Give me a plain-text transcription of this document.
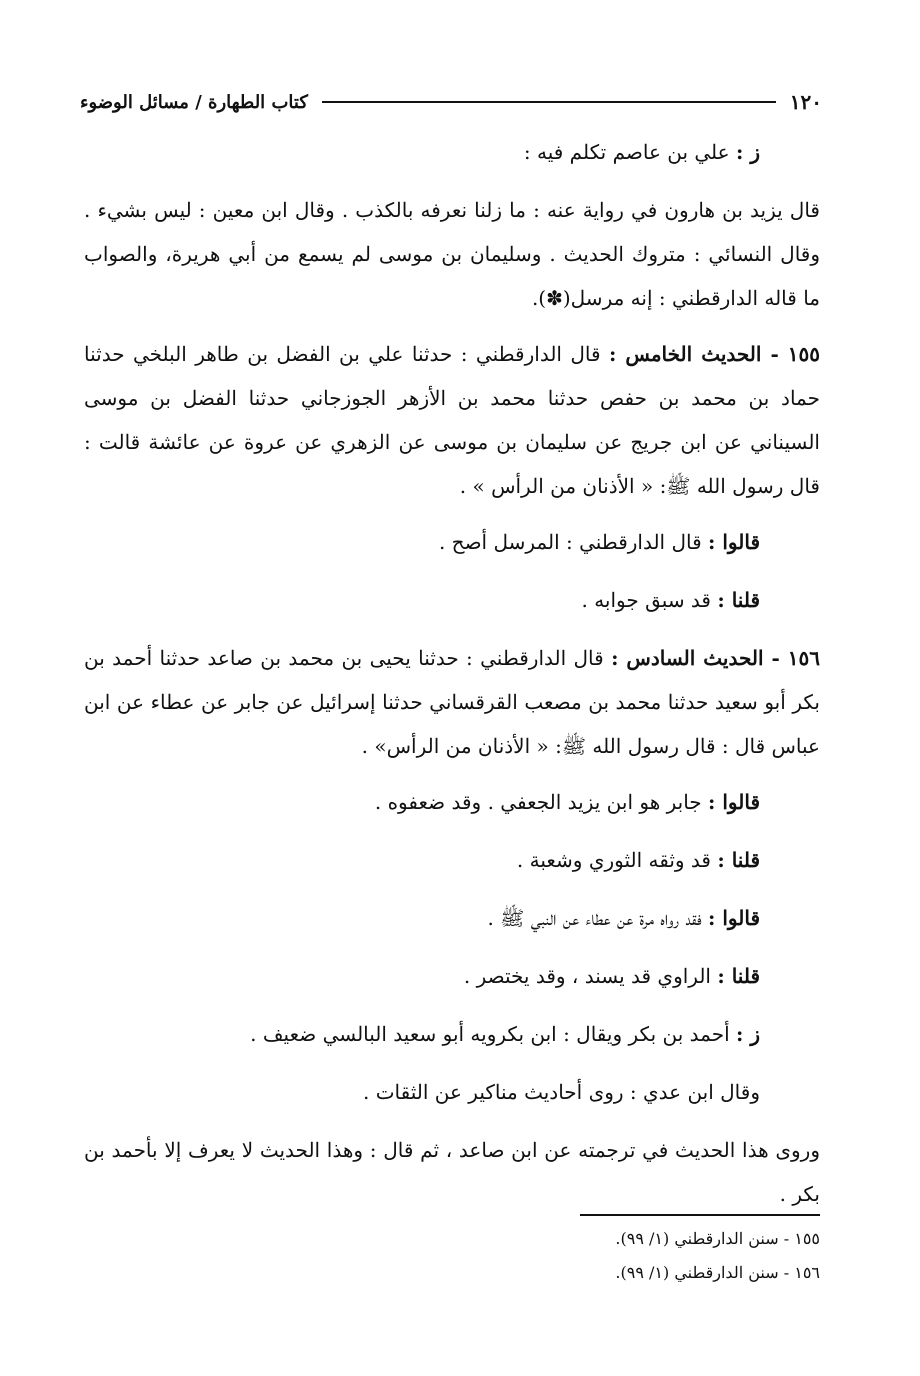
١٢٠
كتاب الطهارة / مسائل الوضوء

ز : علي بن عاصم تكلم فيه :

قال يزيد بن هارون في رواية عنه : ما زلنا نعرفه بالكذب . وقال ابن معين : ليس بشيء . وقال النسائي : متروك الحديث . وسليمان بن موسى لم يسمع من أبي هريرة، والصواب ما قاله الدارقطني : إنه مرسل(✽).

١٥٥ - الحديث الخامس : قال الدارقطني : حدثنا علي بن الفضل بن طاهر البلخي حدثنا حماد بن محمد بن حفص حدثنا محمد بن الأزهر الجوزجاني حدثنا الفضل بن موسى السيناني عن ابن جريج عن سليمان بن موسى عن الزهري عن عروة عن عائشة قالت : قال رسول الله ﷺ: « الأذنان من الرأس » .

قالوا : قال الدارقطني : المرسل أصح .

قلنا : قد سبق جوابه .

١٥٦ - الحديث السادس : قال الدارقطني : حدثنا يحيى بن محمد بن صاعد حدثنا أحمد بن بكر أبو سعيد حدثنا محمد بن مصعب القرقساني حدثنا إسرائيل عن جابر عن عطاء عن ابن عباس قال : قال رسول الله ﷺ: « الأذنان من الرأس» .

قالوا : جابر هو ابن يزيد الجعفي . وقد ضعفوه .

قلنا : قد وثقه الثوري وشعبة .

قالوا : فقد رواه مرة عن عطاء عن النبي ﷺ .

قلنا : الراوي قد يسند ، وقد يختصر .

ز : أحمد بن بكر ويقال : ابن بكرويه أبو سعيد البالسي ضعيف .

وقال ابن عدي : روى أحاديث مناكير عن الثقات .

وروى هذا الحديث في ترجمته عن ابن صاعد ، ثم قال : وهذا الحديث لا يعرف إلا بأحمد بن بكر .

١٥٥ - سنن الدارقطني (١/ ٩٩).

١٥٦ - سنن الدارقطني (١/ ٩٩).
